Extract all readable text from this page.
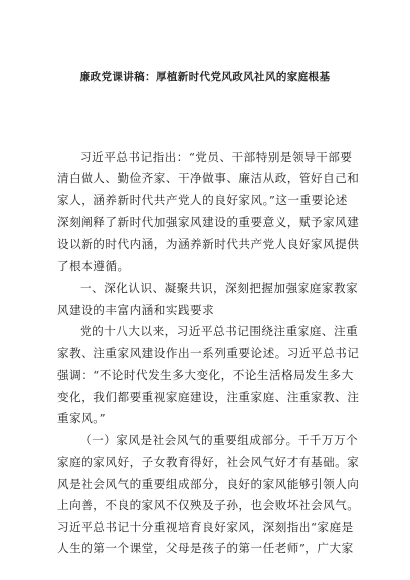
廉政党课讲稿：厚植新时代党风政风社风的家庭根基
习近平总书记指出：“党员、干部特别是领导干部要
清白做人、勤俭齐家、干净做事、廉洁从政，管好自己和
家人，涵养新时代共产党人的良好家风。”这一重要论述
深刻阐释了新时代加强家风建设的重要意义，赋予家风建
设以新的时代内涵，为涵养新时代共产党人良好家风提供
了根本遵循。
一、深化认识、凝聚共识，深刻把握加强家庭家教家
风建设的丰富内涵和实践要求
党的十八大以来，习近平总书记围绕注重家庭、注重
家教、注重家风建设作出一系列重要论述。习近平总书记
强调：“不论时代发生多大变化，不论生活格局发生多大
变化，我们都要重视家庭建设，注重家庭、注重家教、注
重家风。”
（一）家风是社会风气的重要组成部分。千千万万个
家庭的家风好，子女教育得好，社会风气好才有基础。家
风是社会风气的重要组成部分，良好的家风能够引领人向
上向善，不良的家风不仅殃及子孙，也会败坏社会风气。
习近平总书记十分重视培育良好家风，深刻指出“家庭是
人生的第一个课堂，父母是孩子的第一任老师”，广大家
